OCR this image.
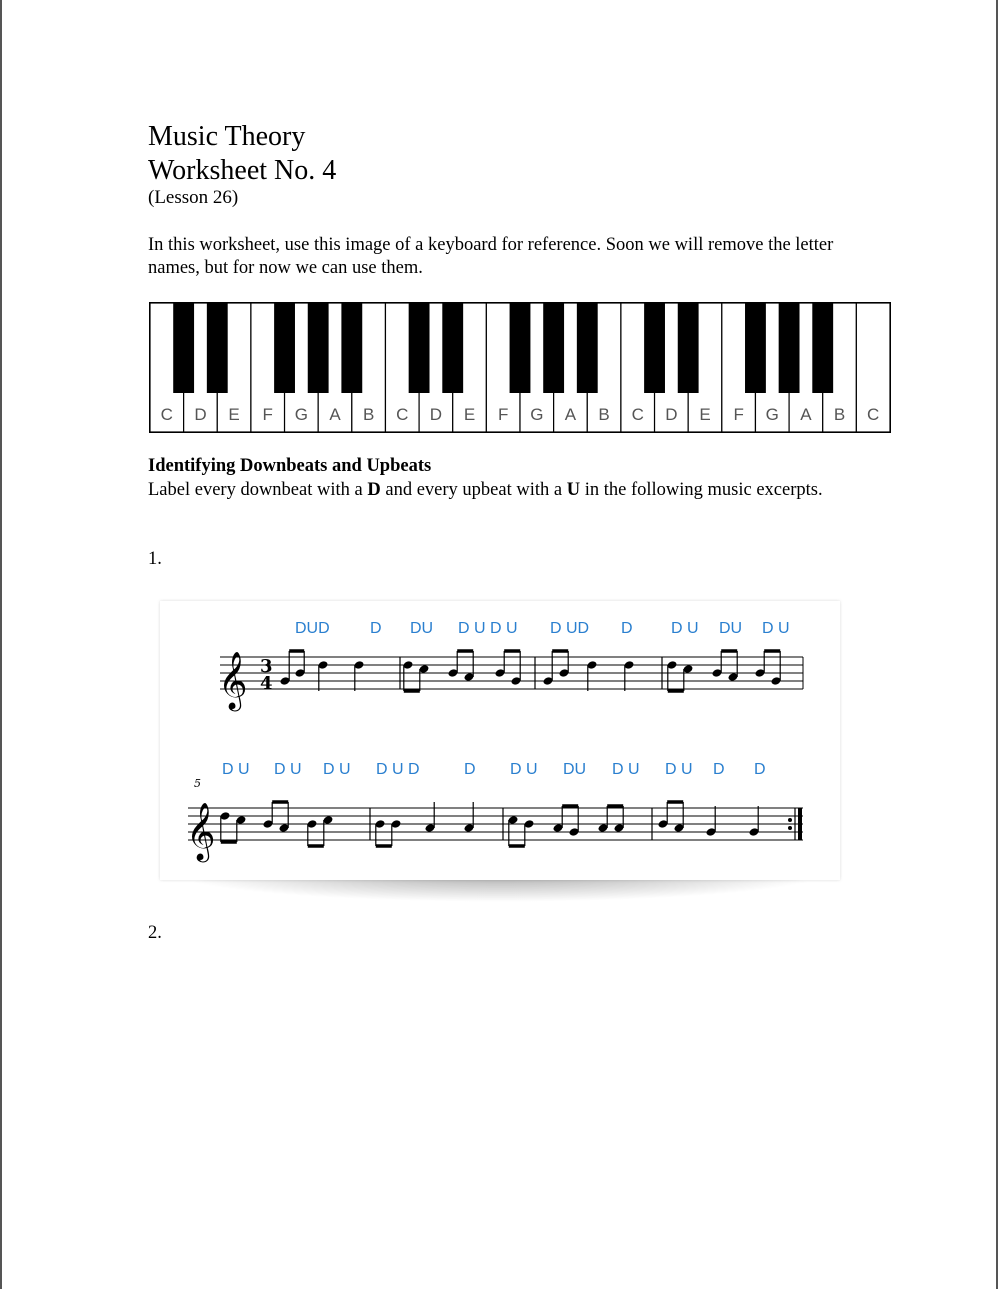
Music Theory
Worksheet No. 4
(Lesson 26)
In this worksheet, use this image of a keyboard for reference. Soon we will remove the letter names, but for now we can use them.
C D E F G A B C D E F G A B C D E F G A B C
Identifying Downbeats and Upbeats
Label every downbeat with a D and every upbeat with a U in the following music excerpts.
1.
𝄞 3
4
𝄞
5
DUD	D DU D U D U D UD D D U DU D U
D U D U D U D U D	D D U DU D U D U D D
2.
